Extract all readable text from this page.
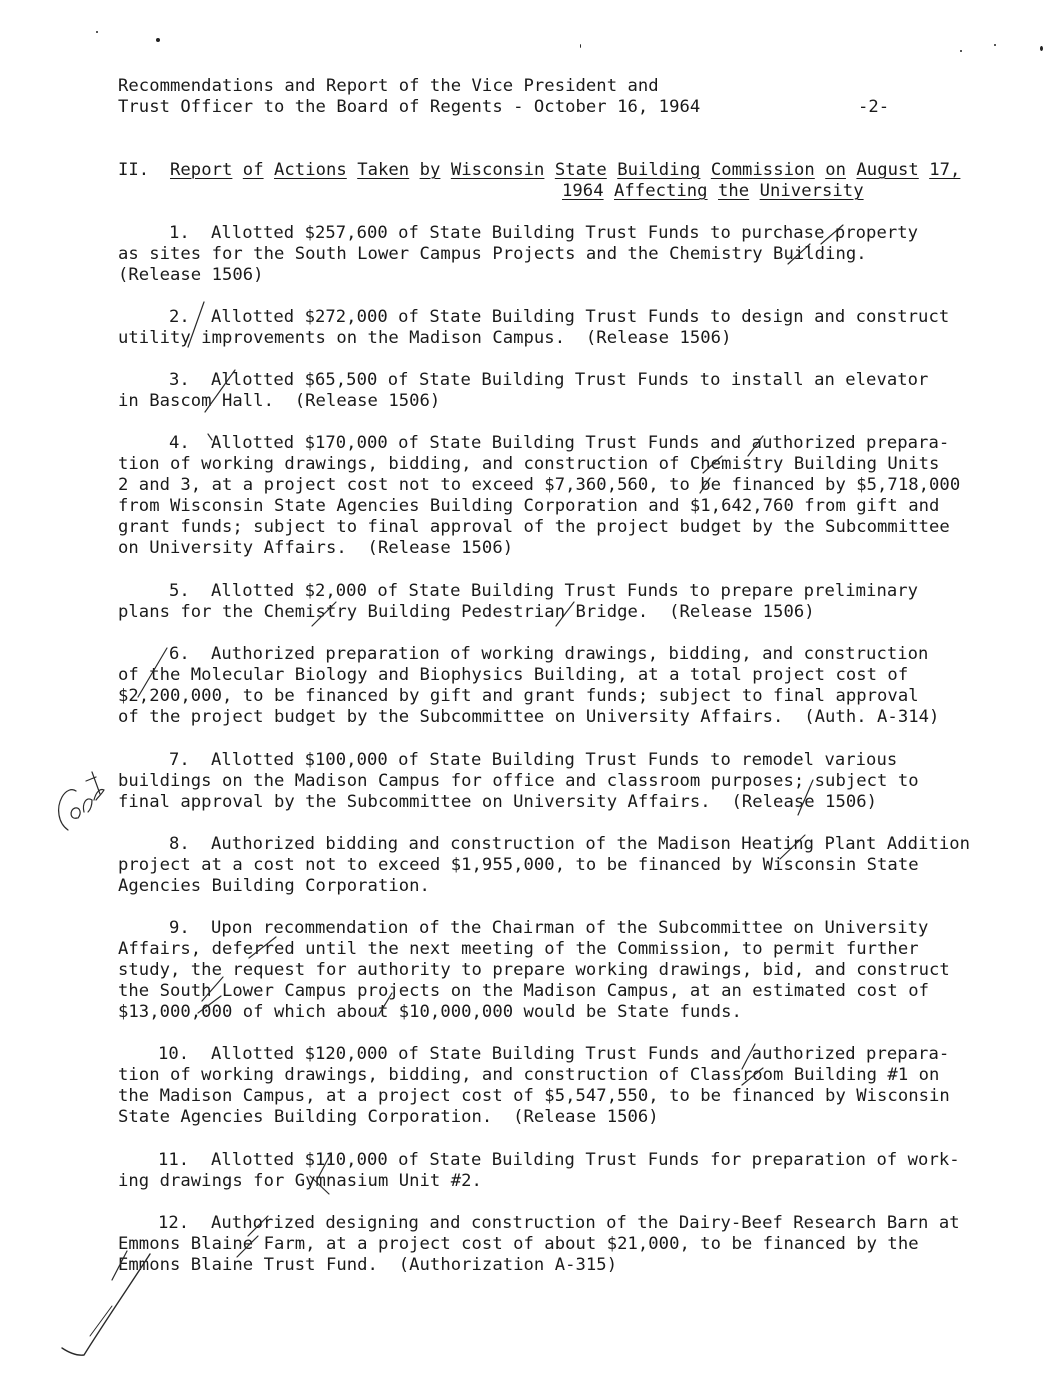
Recommendations and Report of the Vice President and
Trust Officer to the Board of Regents - October 16, 1964	-2-
II. Report of Actions Taken by Wisconsin State Building Commission on August 17,
1964 Affecting the University
1. Allotted $257,600 of State Building Trust Funds to purchase property
as sites for the South Lower Campus Projects and the Chemistry Building.
(Release 1506)
2. Allotted $272,000 of State Building Trust Funds to design and construct
utility improvements on the Madison Campus.  (Release 1506)
3. Allotted $65,500 of State Building Trust Funds to install an elevator
in Bascom Hall.  (Release 1506)
4. Allotted $170,000 of State Building Trust Funds and authorized prepara-
tion of working drawings, bidding, and construction of Chemistry Building Units
2 and 3, at a project cost not to exceed $7,360,560, to be financed by $5,718,000
from Wisconsin State Agencies Building Corporation and $1,642,760 from gift and
grant funds; subject to final approval of the project budget by the Subcommittee
on University Affairs.  (Release 1506)
5. Allotted $2,000 of State Building Trust Funds to prepare preliminary
plans for the Chemistry Building Pedestrian Bridge.  (Release 1506)
6. Authorized preparation of working drawings, bidding, and construction
of the Molecular Biology and Biophysics Building, at a total project cost of
$2,200,000, to be financed by gift and grant funds; subject to final approval
of the project budget by the Subcommittee on University Affairs.  (Auth. A-314)
7. Allotted $100,000 of State Building Trust Funds to remodel various
buildings on the Madison Campus for office and classroom purposes; subject to
final approval by the Subcommittee on University Affairs.  (Release 1506)
8. Authorized bidding and construction of the Madison Heating Plant Addition
project at a cost not to exceed $1,955,000, to be financed by Wisconsin State
Agencies Building Corporation.
9. Upon recommendation of the Chairman of the Subcommittee on University
Affairs, deferred until the next meeting of the Commission, to permit further
study, the request for authority to prepare working drawings, bid, and construct
the South Lower Campus projects on the Madison Campus, at an estimated cost of
$13,000,000 of which about $10,000,000 would be State funds.
10. Allotted $120,000 of State Building Trust Funds and authorized prepara-
tion of working drawings, bidding, and construction of Classroom Building #1 on
the Madison Campus, at a project cost of $5,547,550, to be financed by Wisconsin
State Agencies Building Corporation.  (Release 1506)
11. Allotted $110,000 of State Building Trust Funds for preparation of work-
ing drawings for Gymnasium Unit #2.
12. Authorized designing and construction of the Dairy-Beef Research Barn at
Emmons Blaine Farm, at a project cost of about $21,000, to be financed by the
Emmons Blaine Trust Fund.  (Authorization A-315)
